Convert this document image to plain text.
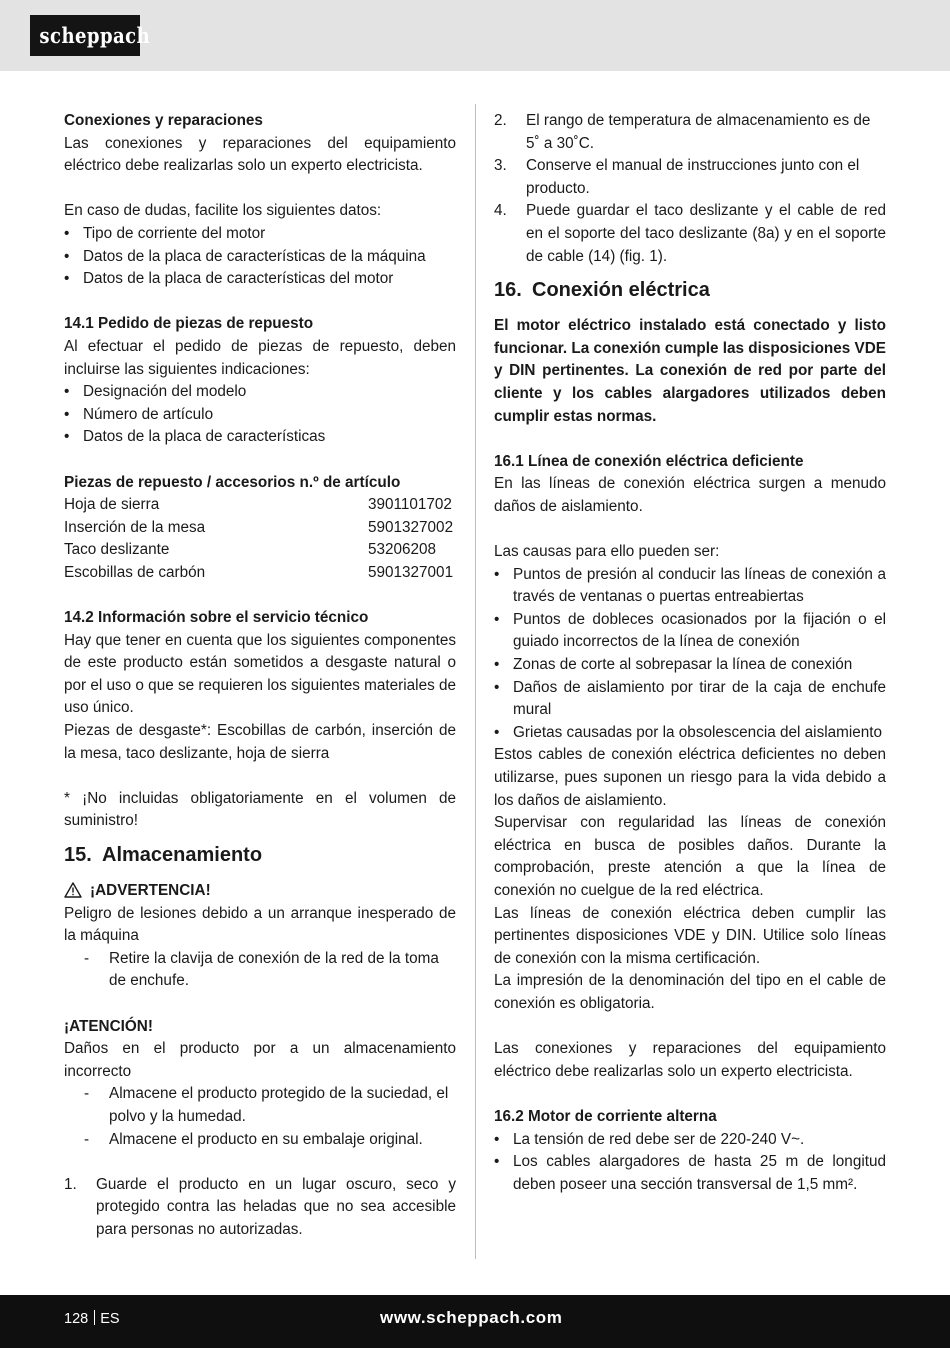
scheppach
Conexiones y reparaciones
Las conexiones y reparaciones del equipamiento eléctrico debe realizarlas solo un experto electricista.
En caso de dudas, facilite los siguientes datos:
• Tipo de corriente del motor
• Datos de la placa de características de la máquina
• Datos de la placa de características del motor
14.1 Pedido de piezas de repuesto
Al efectuar el pedido de piezas de repuesto, deben incluirse las siguientes indicaciones:
• Designación del modelo
• Número de artículo
• Datos de la placa de características
Piezas de repuesto / accesorios n.º de artículo
Hoja de sierra	3901101702
Inserción de la mesa	5901327002
Taco deslizante	53206208
Escobillas de carbón	5901327001
14.2 Información sobre el servicio técnico
Hay que tener en cuenta que los siguientes componentes de este producto están sometidos a desgaste natural o por el uso o que se requieren los siguientes materiales de uso único.
Piezas de desgaste*: Escobillas de carbón, inserción de la mesa, taco deslizante, hoja de sierra
* ¡No incluidas obligatoriamente en el volumen de suministro!
15. Almacenamiento
¡ADVERTENCIA!
Peligro de lesiones debido a un arranque inesperado de la máquina
- Retire la clavija de conexión de la red de la toma de enchufe.
¡ATENCIÓN!
Daños en el producto por a un almacenamiento incorrecto
- Almacene el producto protegido de la suciedad, el polvo y la humedad.
- Almacene el producto en su embalaje original.
1. Guarde el producto en un lugar oscuro, seco y protegido contra las heladas que no sea accesible para personas no autorizadas.
2. El rango de temperatura de almacenamiento es de 5˚ a 30˚C.
3. Conserve el manual de instrucciones junto con el producto.
4. Puede guardar el taco deslizante y el cable de red en el soporte del taco deslizante (8a) y en el soporte de cable (14) (fig. 1).
16. Conexión eléctrica
El motor eléctrico instalado está conectado y listo funcionar. La conexión cumple las disposiciones VDE y DIN pertinentes. La conexión de red por parte del cliente y los cables alargadores utilizados deben cumplir estas normas.
16.1 Línea de conexión eléctrica deficiente
En las líneas de conexión eléctrica surgen a menudo daños de aislamiento.
Las causas para ello pueden ser:
• Puntos de presión al conducir las líneas de conexión a través de ventanas o puertas entreabiertas
• Puntos de dobleces ocasionados por la fijación o el guiado incorrectos de la línea de conexión
• Zonas de corte al sobrepasar la línea de conexión
• Daños de aislamiento por tirar de la caja de enchufe mural
• Grietas causadas por la obsolescencia del aislamiento
Estos cables de conexión eléctrica deficientes no deben utilizarse, pues suponen un riesgo para la vida debido a los daños de aislamiento.
Supervisar con regularidad las líneas de conexión eléctrica en busca de posibles daños. Durante la comprobación, preste atención a que la línea de conexión no cuelgue de la red eléctrica.
Las líneas de conexión eléctrica deben cumplir las pertinentes disposiciones VDE y DIN. Utilice solo líneas de conexión con la misma certificación.
La impresión de la denominación del tipo en el cable de conexión es obligatoria.
Las conexiones y reparaciones del equipamiento eléctrico debe realizarlas solo un experto electricista.
16.2 Motor de corriente alterna
• La tensión de red debe ser de 220-240 V~.
• Los cables alargadores de hasta 25 m de longitud deben poseer una sección transversal de 1,5 mm².
128 ES	www.scheppach.com
